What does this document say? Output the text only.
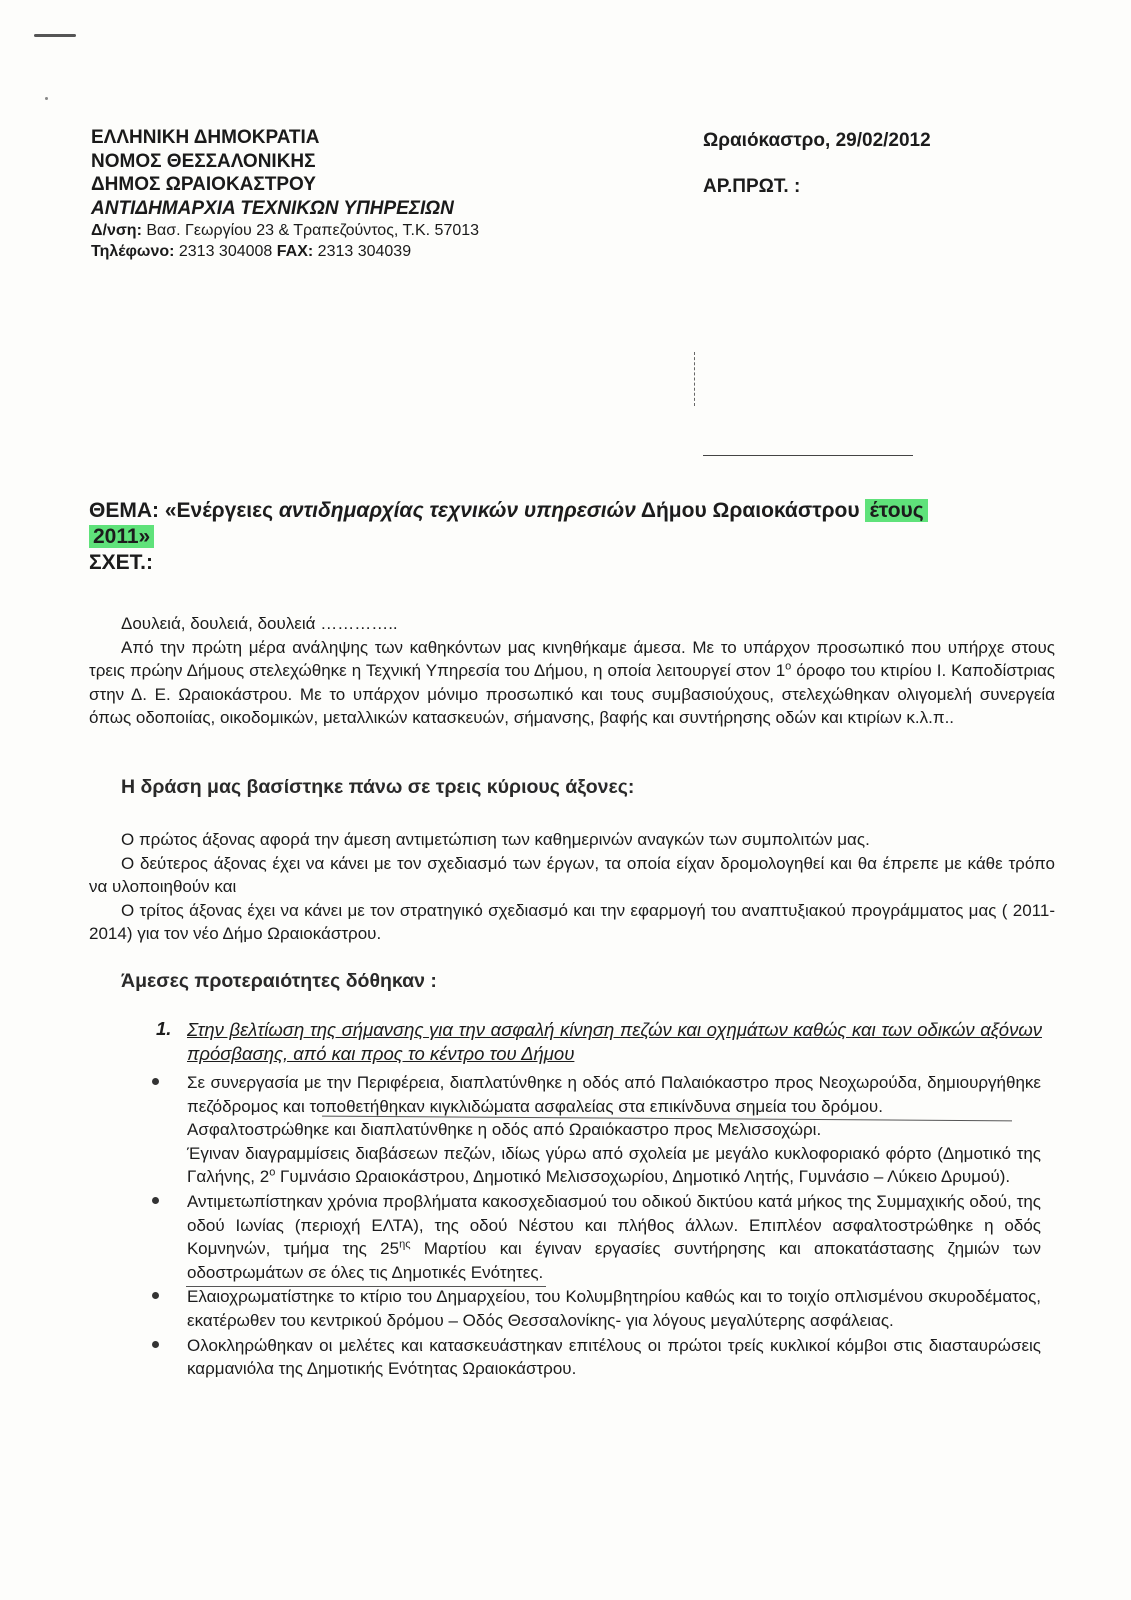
ΕΛΛΗΝΙΚΗ ΔΗΜΟΚΡΑΤΙΑ
ΝΟΜΟΣ ΘΕΣΣΑΛΟΝΙΚΗΣ
ΔΗΜΟΣ ΩΡΑΙΟΚΑΣΤΡΟΥ
ΑΝΤΙΔΗΜΑΡΧΙΑ ΤΕΧΝΙΚΩΝ ΥΠΗΡΕΣΙΩΝ
Δ/νση: Βασ. Γεωργίου 23 & Τραπεζούντος, Τ.Κ. 57013
Τηλέφωνο: 2313 304008 FAX: 2313 304039
Ωραιόκαστρο, 29/02/2012
ΑΡ.ΠΡΩΤ. :
ΘΕΜΑ: «Ενέργειες αντιδημαρχίας τεχνικών υπηρεσιών Δήμου Ωραιοκάστρου έτους
2011»
ΣΧΕΤ.:

Δουλειά, δουλειά, δουλειά …………..

Από την πρώτη μέρα ανάληψης των καθηκόντων μας κινηθήκαμε άμεσα. Με το υπάρχον προσωπικό που υπήρχε στους τρεις πρώην Δήμους στελεχώθηκε η Τεχνική Υπηρεσία του Δήμου, η οποία λειτουργεί στον $1^o$ όροφο του κτιρίου Ι. Καποδίστριας στην Δ. Ε. Ωραιοκάστρου. Με το υπάρχον μόνιμο προσωπικό και τους συμβασιούχους, στελεχώθηκαν ολιγομελή συνεργεία όπως οδοποιίας, οικοδομικών, μεταλλικών κατασκευών, σήμανσης, βαφής και συντήρησης οδών και κτιρίων κ.λ.π..

Η δράση μας βασίστηκε πάνω σε τρεις κύριους άξονες:

Ο πρώτος άξονας αφορά την άμεση αντιμετώπιση των καθημερινών αναγκών των συμπολιτών μας.

Ο δεύτερος άξονας έχει να κάνει με τον σχεδιασμό των έργων, τα οποία είχαν δρομολογηθεί και θα έπρεπε με κάθε τρόπο να υλοποιηθούν και

Ο τρίτος άξονας έχει να κάνει με τον στρατηγικό σχεδιασμό και την εφαρμογή του αναπτυξιακού προγράμματος μας ( 2011-2014) για τον νέο Δήμο Ωραιοκάστρου.

Άμεσες προτεραιότητες δόθηκαν :
1. Στην βελτίωση της σήμανσης για την ασφαλή κίνηση πεζών και οχημάτων καθώς και των οδικών αξόνων πρόσβασης, από και προς το κέντρο του Δήμου

Σε συνεργασία με την Περιφέρεια, διαπλατύνθηκε η οδός από Παλαιόκαστρο προς Νεοχωρούδα, δημιουργήθηκε πεζόδρομος και τοποθετήθηκαν κιγκλιδώματα ασφαλείας στα επικίνδυνα σημεία του δρόμου.

Ασφαλτοστρώθηκε και διαπλατύνθηκε η οδός από Ωραιόκαστρο προς Μελισσοχώρι.

Έγιναν διαγραμμίσεις διαβάσεων πεζών, ιδίως γύρω από σχολεία με μεγάλο κυκλοφοριακό φόρτο (Δημοτικό της Γαλήνης, $2^o$ Γυμνάσιο Ωραιοκάστρου, Δημοτικό Μελισσοχωρίου, Δημοτικό Λητής, Γυμνάσιο – Λύκειο Δρυμού).

Αντιμετωπίστηκαν χρόνια προβλήματα κακοσχεδιασμού του οδικού δικτύου κατά μήκος της Συμμαχικής οδού, της οδού Ιωνίας (περιοχή ΕΛΤΑ), της οδού Νέστου και πλήθος άλλων. Επιπλέον ασφαλτοστρώθηκε η οδός Κομνηνών, τμήμα της $25^{\eta\varsigma}$ Μαρτίου και έγιναν εργασίες συντήρησης και αποκατάστασης ζημιών των οδοστρωμάτων σε όλες τις Δημοτικές Ενότητες.

Ελαιοχρωματίστηκε το κτίριο του Δημαρχείου, του Κολυμβητηρίου καθώς και το τοιχίο οπλισμένου σκυροδέματος, εκατέρωθεν του κεντρικού δρόμου – Οδός Θεσσαλονίκης- για λόγους μεγαλύτερης ασφάλειας.

Ολοκληρώθηκαν οι μελέτες και κατασκευάστηκαν επιτέλους οι πρώτοι τρείς κυκλικοί κόμβοι στις διασταυρώσεις καρμανιόλα της Δημοτικής Ενότητας Ωραιοκάστρου.
